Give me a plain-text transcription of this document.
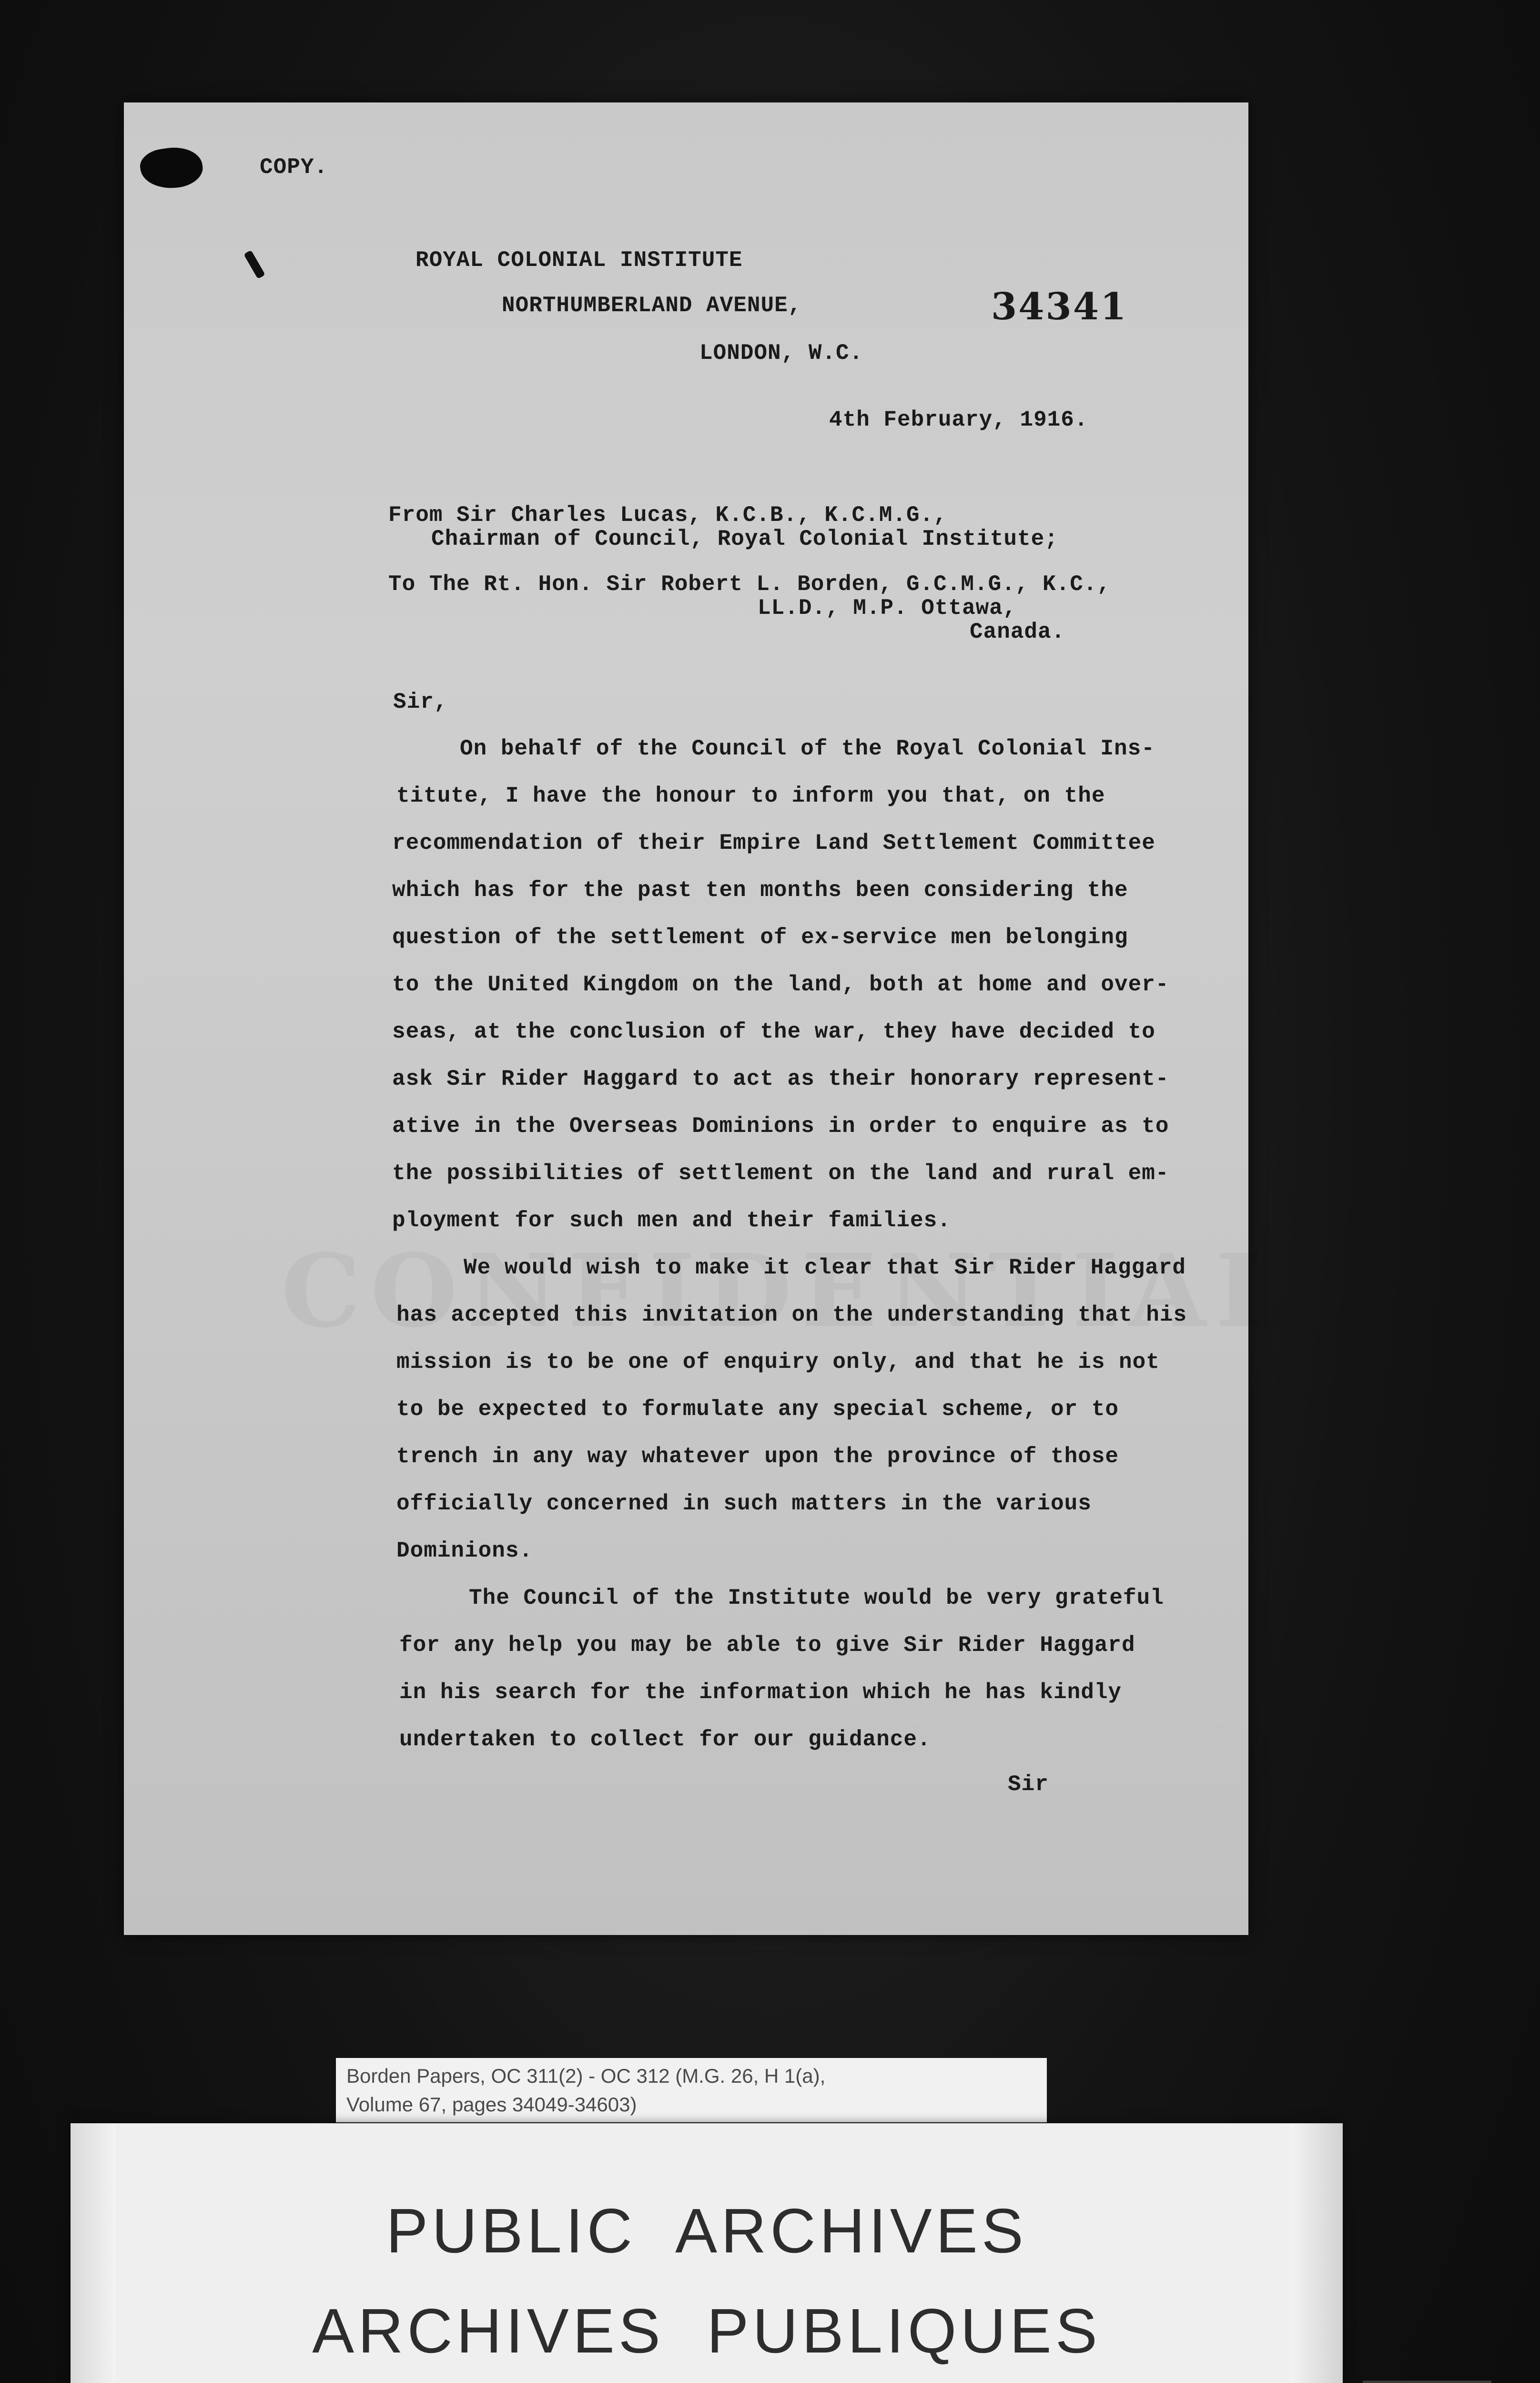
COPY.
ROYAL COLONIAL INSTITUTE
NORTHUMBERLAND AVENUE,	34341
LONDON, W.C.
4th February, 1916.
From Sir Charles Lucas, K.C.B., K.C.M.G.,
Chairman of Council, Royal Colonial Institute;
To The Rt. Hon. Sir Robert L. Borden, G.C.M.G., K.C.,
LL.D., M.P. Ottawa,
Canada.
Sir,
On behalf of the Council of the Royal Colonial Ins-
titute, I have the honour to inform you that, on the
recommendation of their Empire Land Settlement Committee
which has for the past ten months been considering the
question of the settlement of ex-service men belonging
to the United Kingdom on the land, both at home and over-
seas, at the conclusion of the war, they have decided to
ask Sir Rider Haggard to act as their honorary represent-
ative in the Overseas Dominions in order to enquire as to
the possibilities of settlement on the land and rural em-
ployment for such men and their families.
We would wish to make it clear that Sir Rider Haggard
has accepted this invitation on the understanding that his
mission is to be one of enquiry only, and that he is not
to be expected to formulate any special scheme, or to
trench in any way whatever upon the province of those
officially concerned in such matters in the various
Dominions.
The Council of the Institute would be very grateful
for any help you may be able to give Sir Rider Haggard
in his search for the information which he has kindly
undertaken to collect for our guidance.
Sir
Borden Papers, OC 311(2) - OC 312 (M.G. 26, H 1(a),
Volume 67, pages 34049-34603)
PUBLIC  ARCHIVES
ARCHIVES  PUBLIQUES
